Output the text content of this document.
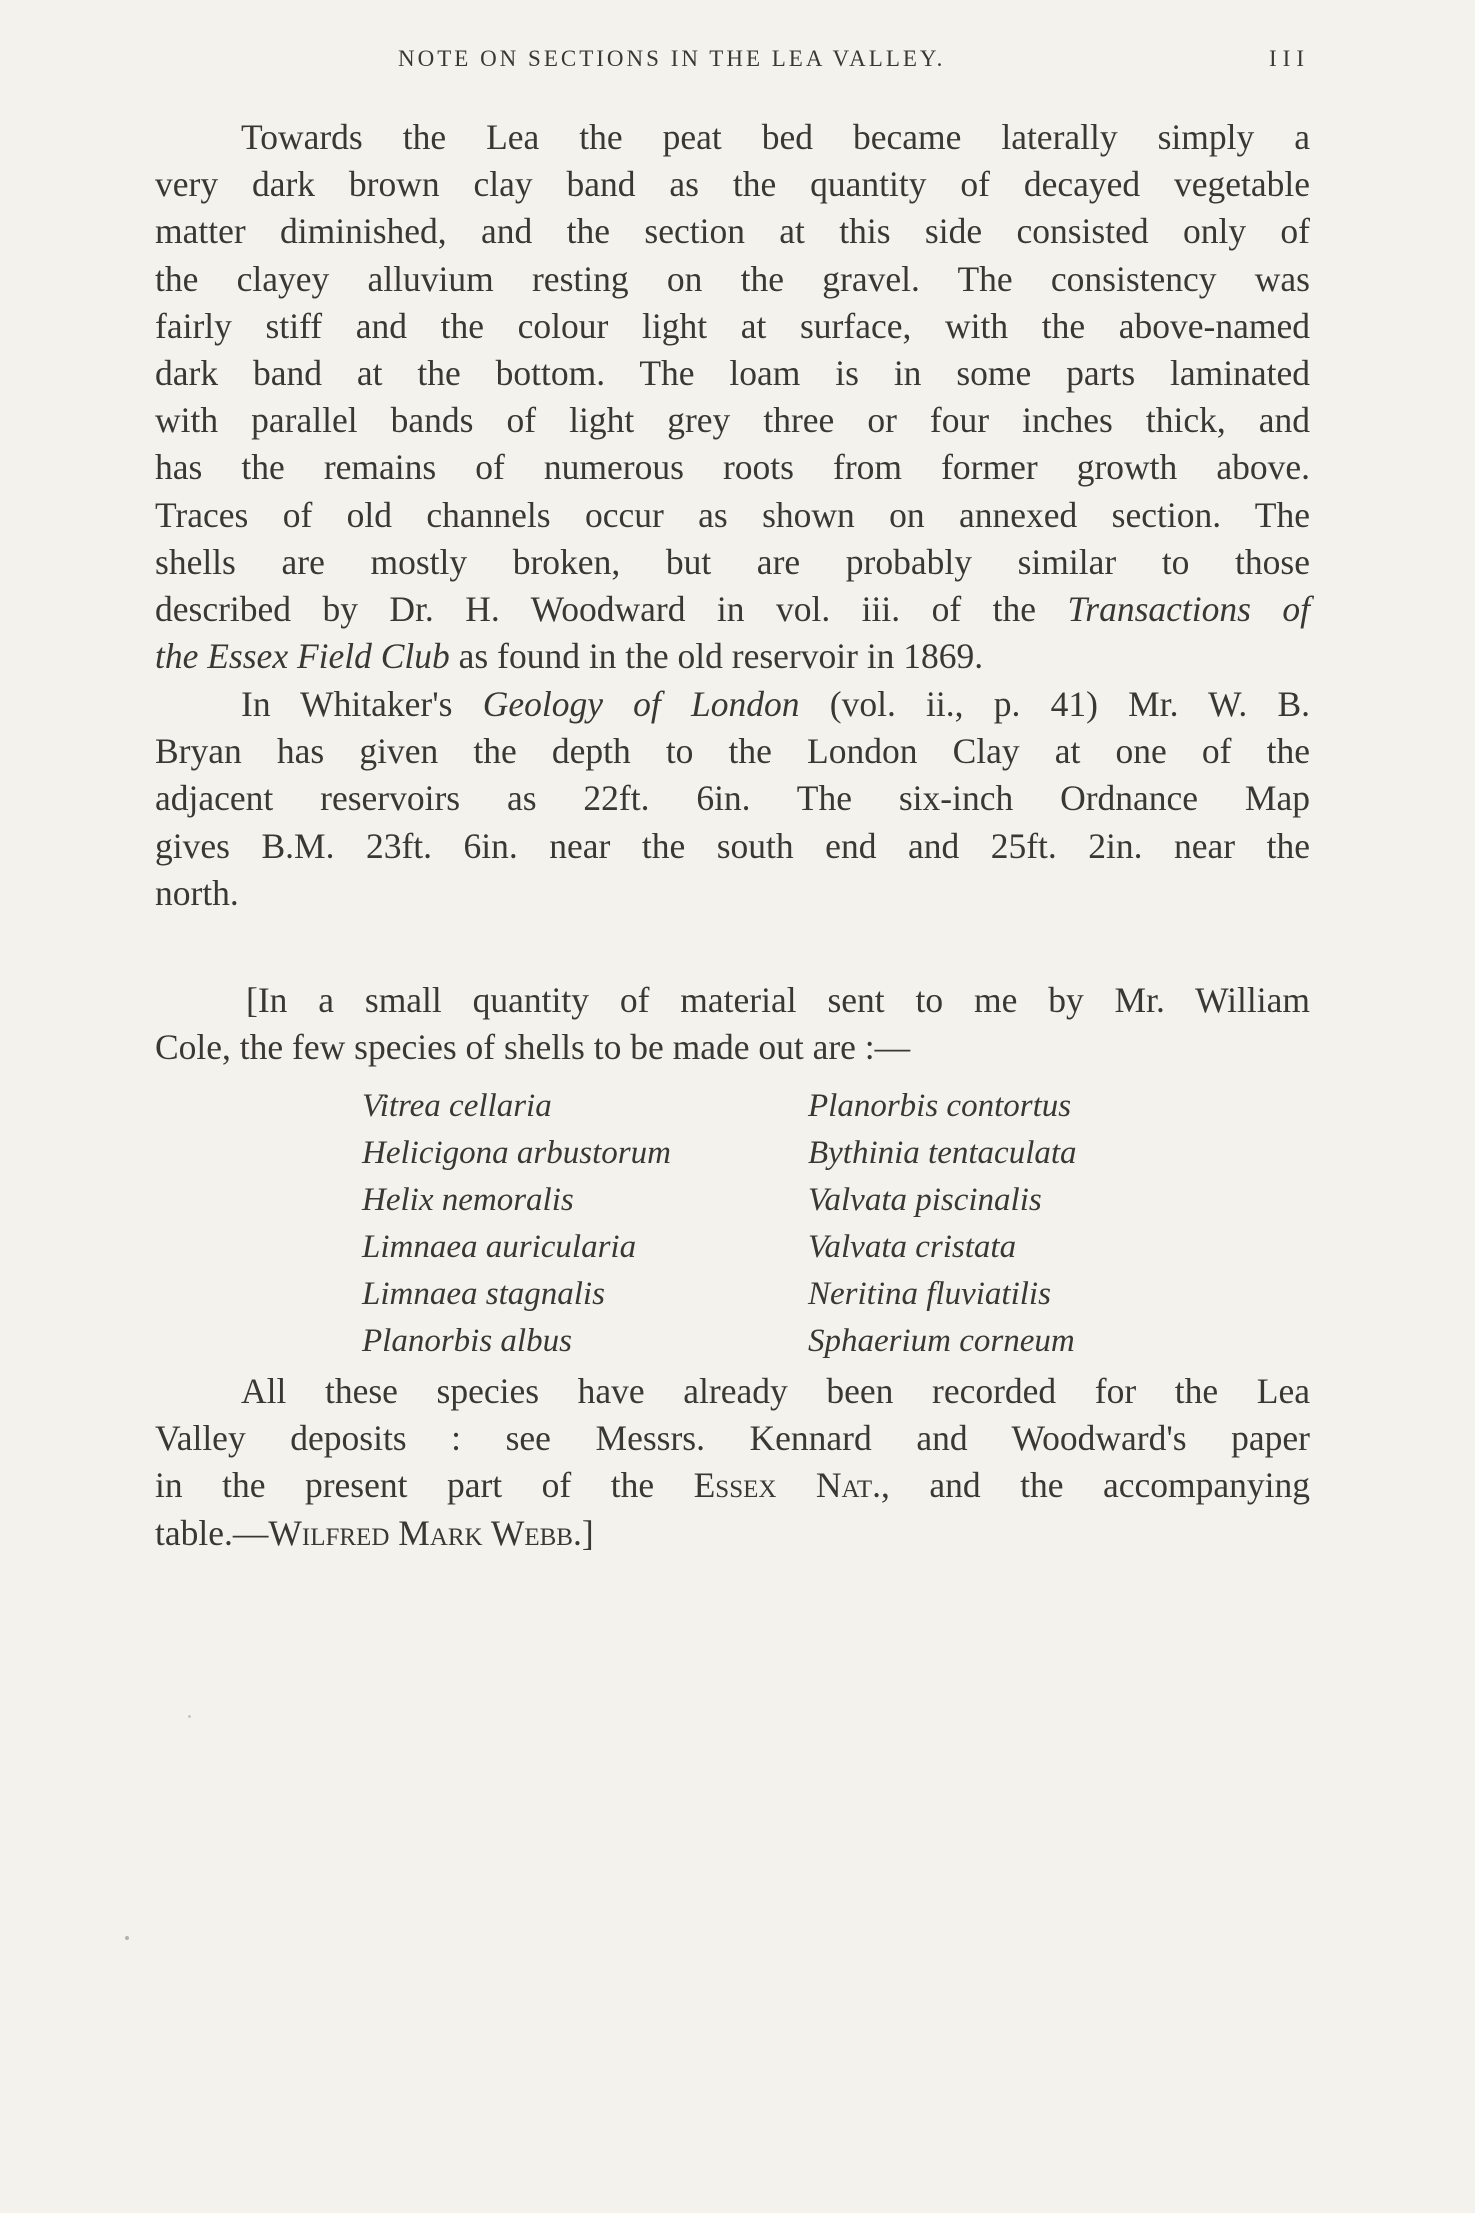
NOTE ON SECTIONS IN THE LEA VALLEY.	III
Towards the Lea the peat bed became laterally simply a
very dark brown clay band as the quantity of decayed vegetable
matter diminished, and the section at this side consisted only of
the clayey alluvium resting on the gravel. The consistency was
fairly stiff and the colour light at surface, with the above-named
dark band at the bottom. The loam is in some parts laminated
with parallel bands of light grey three or four inches thick, and
has the remains of numerous roots from former growth above.
Traces of old channels occur as shown on annexed section. The
shells are mostly broken, but are probably similar to those
described by Dr. H. Woodward in vol. iii. of the Transactions of
the Essex Field Club as found in the old reservoir in 1869.
In Whitaker's Geology of London (vol. ii., p. 41) Mr. W. B.
Bryan has given the depth to the London Clay at one of the
adjacent reservoirs as 22ft. 6in. The six-inch Ordnance Map
gives B.M. 23ft. 6in. near the south end and 25ft. 2in. near the
north.
[In a small quantity of material sent to me by Mr. William
Cole, the few species of shells to be made out are :—
Vitrea cellaria
Helicigona arbustorum
Helix nemoralis
Limnaea auricularia
Limnaea stagnalis
Planorbis albus
Planorbis contortus
Bythinia tentaculata
Valvata piscinalis
Valvata cristata
Neritina fluviatilis
Sphaerium corneum
All these species have already been recorded for the Lea
Valley deposits : see Messrs. Kennard and Woodward's paper
in the present part of the Essex Nat., and the accompanying
table.—Wilfred Mark Webb.]
